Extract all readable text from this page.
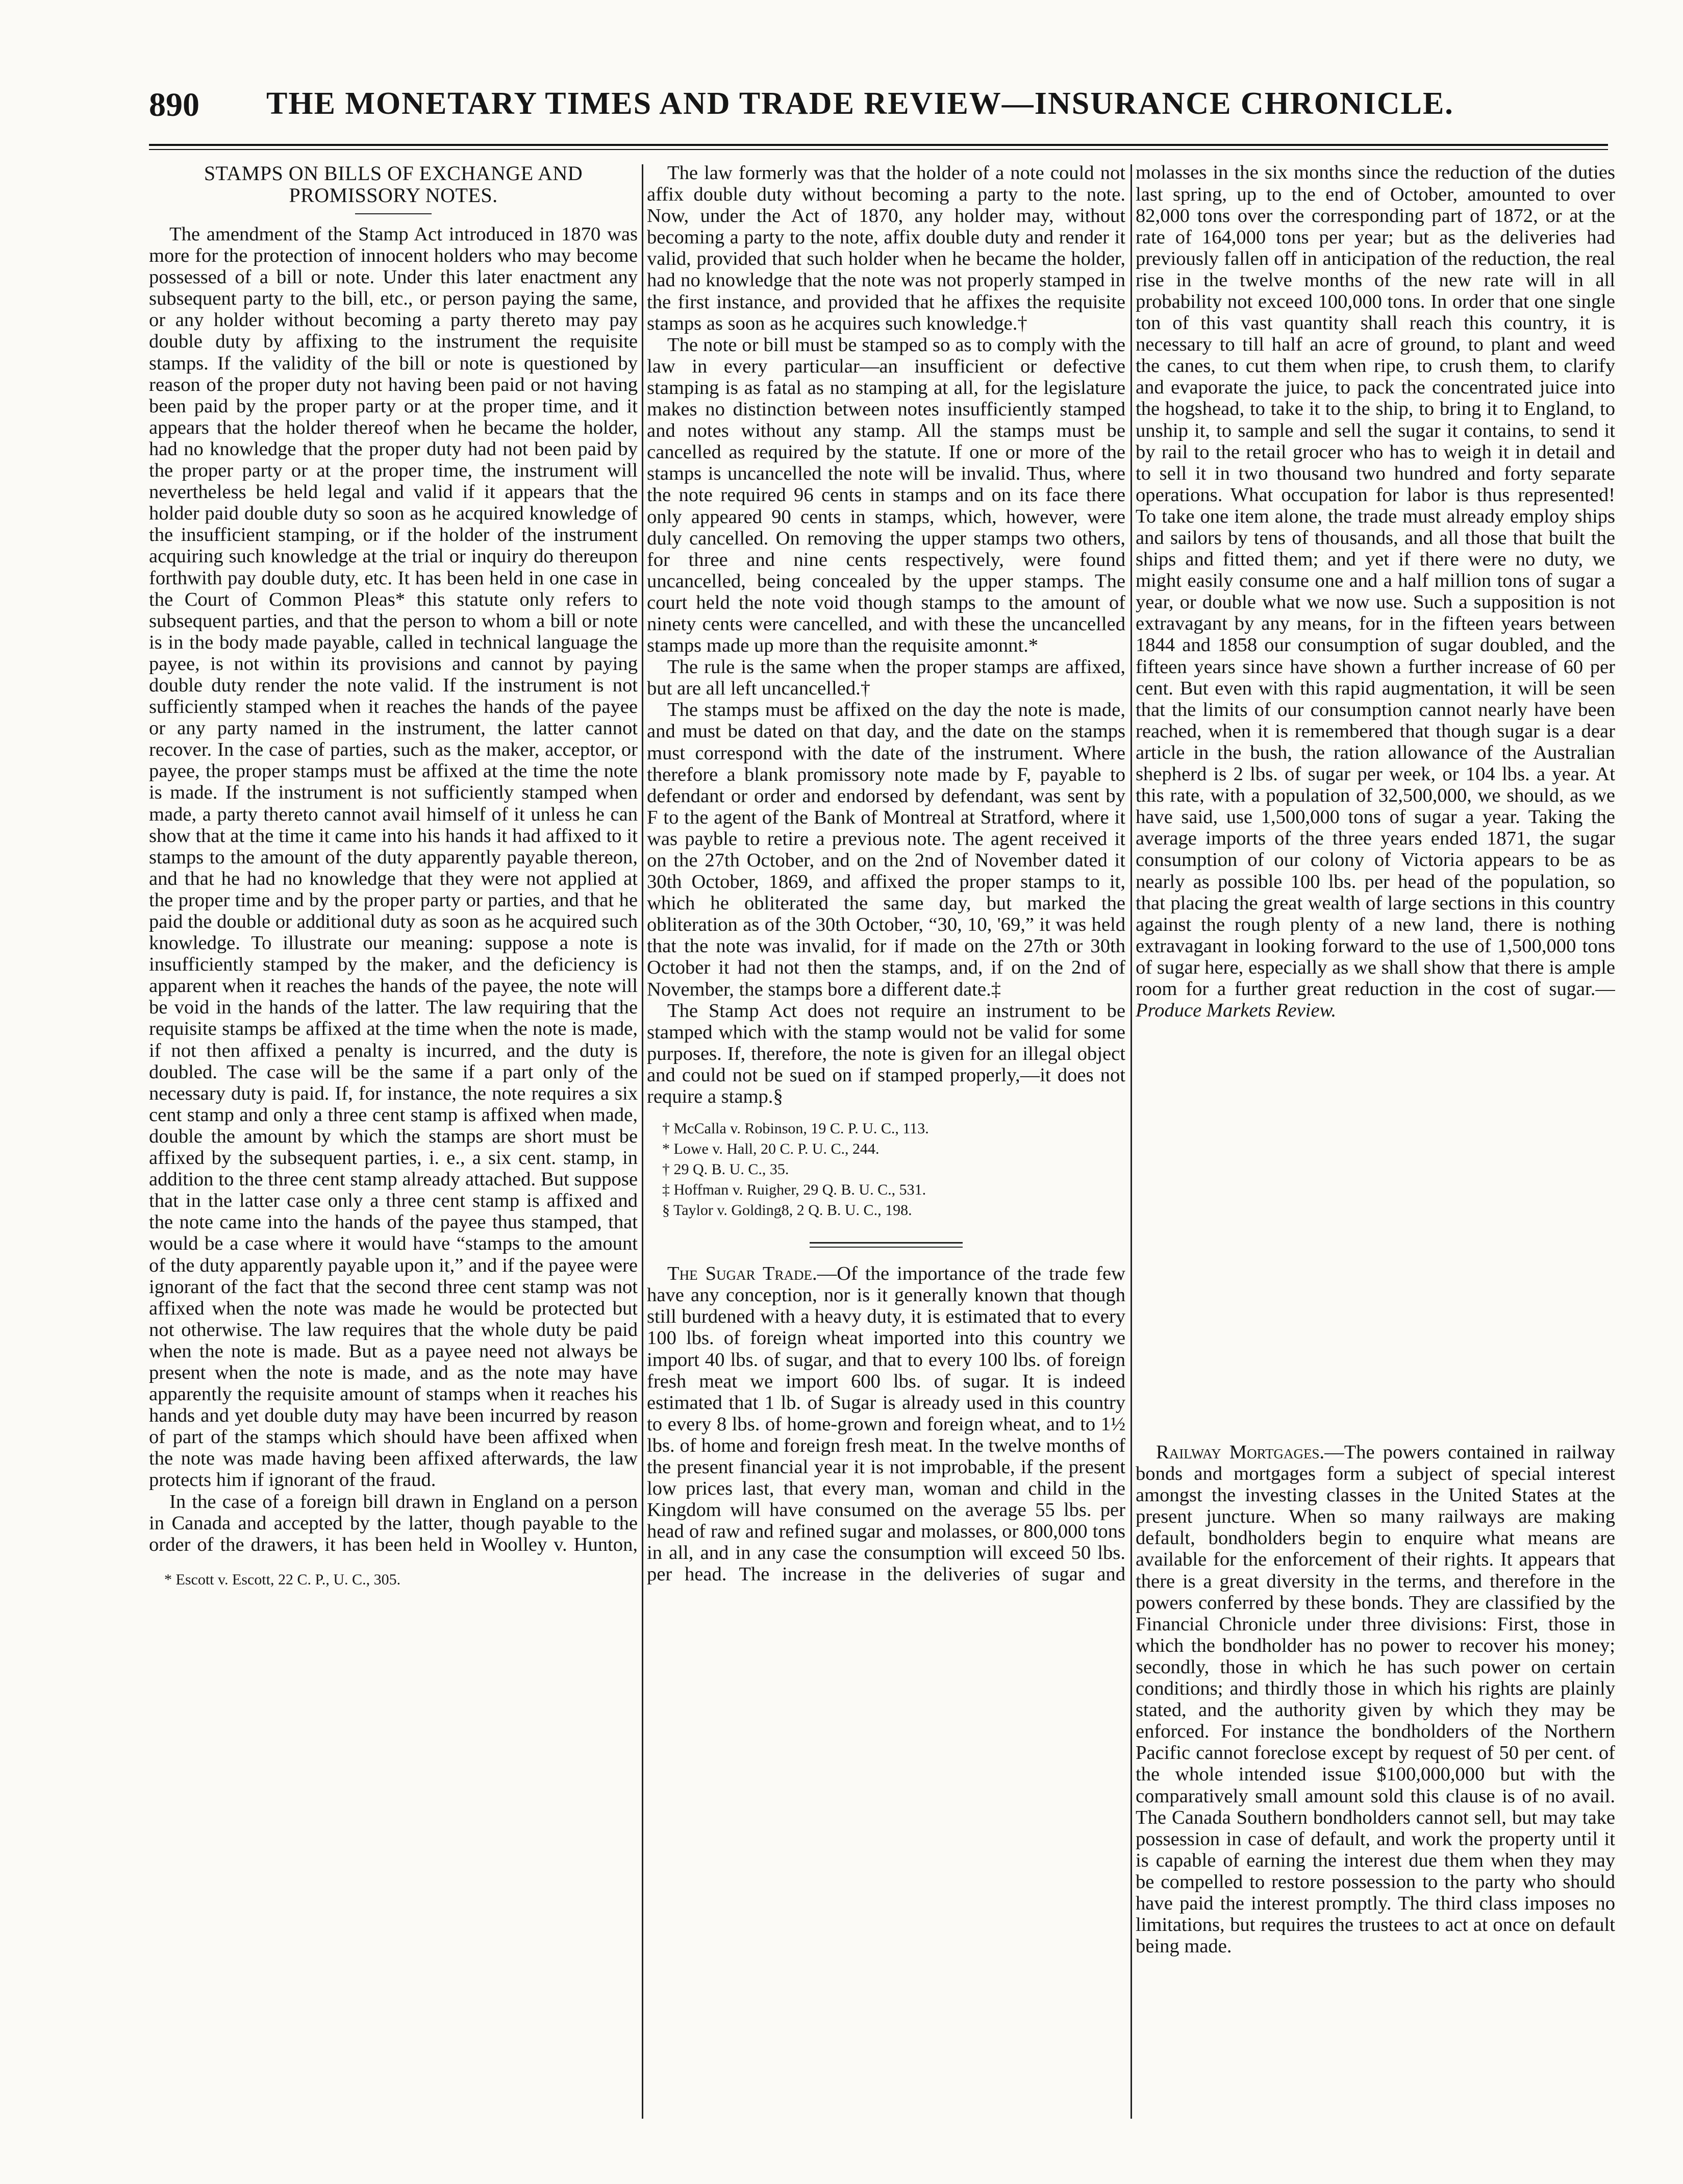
890 THE MONETARY TIMES AND TRADE REVIEW—INSURANCE CHRONICLE.
STAMPS ON BILLS OF EXCHANGE AND PROMISSORY NOTES.

The amendment of the Stamp Act introduced in 1870 was more for the protection of innocent holders who may become possessed of a bill or note. Under this later enactment any subsequent party to the bill, etc., or person paying the same, or any holder without becoming a party thereto may pay double duty by affixing to the instrument the requisite stamps. If the validity of the bill or note is questioned by reason of the proper duty not having been paid or not having been paid by the proper party or at the proper time, and it appears that the holder thereof when he became the holder, had no knowledge that the proper duty had not been paid by the proper party or at the proper time, the instrument will nevertheless be held legal and valid if it appears that the holder paid double duty so soon as he acquired knowledge of the insufficient stamping, or if the holder of the instrument acquiring such knowledge at the trial or inquiry do thereupon forthwith pay double duty, etc. It has been held in one case in the Court of Common Pleas* this statute only refers to subsequent parties, and that the person to whom a bill or note is in the body made payable, called in technical language the payee, is not within its provisions and cannot by paying double duty render the note valid. If the instrument is not sufficiently stamped when it reaches the hands of the payee or any party named in the instrument, the latter cannot recover. In the case of parties, such as the maker, acceptor, or payee, the proper stamps must be affixed at the time the note is made. If the instrument is not sufficiently stamped when made, a party thereto cannot avail himself of it unless he can show that at the time it came into his hands it had affixed to it stamps to the amount of the duty apparently payable thereon, and that he had no knowledge that they were not applied at the proper time and by the proper party or parties, and that he paid the double or additional duty as soon as he acquired such knowledge. To illustrate our meaning: suppose a note is insufficiently stamped by the maker, and the deficiency is apparent when it reaches the hands of the payee, the note will be void in the hands of the latter. The law requiring that the requisite stamps be affixed at the time when the note is made, if not then affixed a penalty is incurred, and the duty is doubled. The case will be the same if a part only of the necessary duty is paid. If, for instance, the note requires a six cent stamp and only a three cent stamp is affixed when made, double the amount by which the stamps are short must be affixed by the subsequent parties, i. e., a six cent. stamp, in addition to the three cent stamp already attached. But suppose that in the latter case only a three cent stamp is affixed and the note came into the hands of the payee thus stamped, that would be a case where it would have “stamps to the amount of the duty apparently payable upon it,” and if the payee were ignorant of the fact that the second three cent stamp was not affixed when the note was made he would be protected but not otherwise. The law requires that the whole duty be paid when the note is made. But as a payee need not always be present when the note is made, and as the note may have apparently the requisite amount of stamps when it reaches his hands and yet double duty may have been incurred by reason of part of the stamps which should have been affixed when the note was made having been affixed afterwards, the law protects him if ignorant of the fraud.

In the case of a foreign bill drawn in England on a person in Canada and accepted by the latter, though payable to the order of the drawers, it has been held in Woolley v. Hunton,

* Escott v. Escott, 22 C. P., U. C., 305.

The law formerly was that the holder of a note could not affix double duty without becoming a party to the note. Now, under the Act of 1870, any holder may, without becoming a party to the note, affix double duty and render it valid, provided that such holder when he became the holder, had no knowledge that the note was not properly stamped in the first instance, and provided that he affixes the requisite stamps as soon as he acquires such knowledge.†

The note or bill must be stamped so as to comply with the law in every particular—an insufficient or defective stamping is as fatal as no stamping at all, for the legislature makes no distinction between notes insufficiently stamped and notes without any stamp. All the stamps must be cancelled as required by the statute. If one or more of the stamps is uncancelled the note will be invalid. Thus, where the note required 96 cents in stamps and on its face there only appeared 90 cents in stamps, which, however, were duly cancelled. On removing the upper stamps two others, for three and nine cents respectively, were found uncancelled, being concealed by the upper stamps. The court held the note void though stamps to the amount of ninety cents were cancelled, and with these the uncancelled stamps made up more than the requisite amonnt.*

The rule is the same when the proper stamps are affixed, but are all left uncancelled.†

The stamps must be affixed on the day the note is made, and must be dated on that day, and the date on the stamps must correspond with the date of the instrument. Where therefore a blank promissory note made by F, payable to defendant or order and endorsed by defendant, was sent by F to the agent of the Bank of Montreal at Stratford, where it was payble to retire a previous note. The agent received it on the 27th October, and on the 2nd of November dated it 30th October, 1869, and affixed the proper stamps to it, which he obliterated the same day, but marked the obliteration as of the 30th October, “30, 10, '69,” it was held that the note was invalid, for if made on the 27th or 30th October it had not then the stamps, and, if on the 2nd of November, the stamps bore a different date.‡

The Stamp Act does not require an instrument to be stamped which with the stamp would not be valid for some purposes. If, therefore, the note is given for an illegal object and could not be sued on if stamped properly,—it does not require a stamp.§

† McCalla v. Robinson, 19 C. P. U. C., 113.

* Lowe v. Hall, 20 C. P. U. C., 244.

† 29 Q. B. U. C., 35.

‡ Hoffman v. Ruigher, 29 Q. B. U. C., 531.

§ Taylor v. Golding8, 2 Q. B. U. C., 198.

The Sugar Trade.—Of the importance of the trade few have any conception, nor is it generally known that though still burdened with a heavy duty, it is estimated that to every 100 lbs. of foreign wheat imported into this country we import 40 lbs. of sugar, and that to every 100 lbs. of foreign fresh meat we import 600 lbs. of sugar. It is indeed estimated that 1 lb. of Sugar is already used in this country to every 8 lbs. of home-grown and foreign wheat, and to 1½ lbs. of home and foreign fresh meat. In the twelve months of the present financial year it is not improbable, if the present low prices last, that every man, woman and child in the Kingdom will have consumed on the average 55 lbs. per head of raw and refined sugar and molasses, or 800,000 tons in all, and in any case the consumption will exceed 50 lbs. per head. The increase in the deliveries of sugar and

molasses in the six months since the reduction of the duties last spring, up to the end of October, amounted to over 82,000 tons over the corresponding part of 1872, or at the rate of 164,000 tons per year; but as the deliveries had previously fallen off in anticipation of the reduction, the real rise in the twelve months of the new rate will in all probability not exceed 100,000 tons. In order that one single ton of this vast quantity shall reach this country, it is necessary to till half an acre of ground, to plant and weed the canes, to cut them when ripe, to crush them, to clarify and evaporate the juice, to pack the concentrated juice into the hogshead, to take it to the ship, to bring it to England, to unship it, to sample and sell the sugar it contains, to send it by rail to the retail grocer who has to weigh it in detail and to sell it in two thousand two hundred and forty separate operations. What occupation for labor is thus represented! To take one item alone, the trade must already employ ships and sailors by tens of thousands, and all those that built the ships and fitted them; and yet if there were no duty, we might easily consume one and a half million tons of sugar a year, or double what we now use. Such a supposition is not extravagant by any means, for in the fifteen years between 1844 and 1858 our consumption of sugar doubled, and the fifteen years since have shown a further increase of 60 per cent. But even with this rapid augmentation, it will be seen that the limits of our consumption cannot nearly have been reached, when it is remembered that though sugar is a dear article in the bush, the ration allowance of the Australian shepherd is 2 lbs. of sugar per week, or 104 lbs. a year. At this rate, with a population of 32,500,000, we should, as we have said, use 1,500,000 tons of sugar a year. Taking the average imports of the three years ended 1871, the sugar consumption of our colony of Victoria appears to be as nearly as possible 100 lbs. per head of the population, so that placing the great wealth of large sections in this country against the rough plenty of a new land, there is nothing extravagant in looking forward to the use of 1,500,000 tons of sugar here, especially as we shall show that there is ample room for a further great reduction in the cost of sugar.—Produce Markets Review.

Railway Mortgages.—The powers contained in railway bonds and mortgages form a subject of special interest amongst the investing classes in the United States at the present juncture. When so many railways are making default, bondholders begin to enquire what means are available for the enforcement of their rights. It appears that there is a great diversity in the terms, and therefore in the powers conferred by these bonds. They are classified by the Financial Chronicle under three divisions: First, those in which the bondholder has no power to recover his money; secondly, those in which he has such power on certain conditions; and thirdly those in which his rights are plainly stated, and the authority given by which they may be enforced. For instance the bondholders of the Northern Pacific cannot foreclose except by request of 50 per cent. of the whole intended issue $100,000,000 but with the comparatively small amount sold this clause is of no avail. The Canada Southern bondholders cannot sell, but may take possession in case of default, and work the property until it is capable of earning the interest due them when they may be compelled to restore possession to the party who should have paid the interest promptly. The third class imposes no limitations, but requires the trustees to act at once on default being made.
